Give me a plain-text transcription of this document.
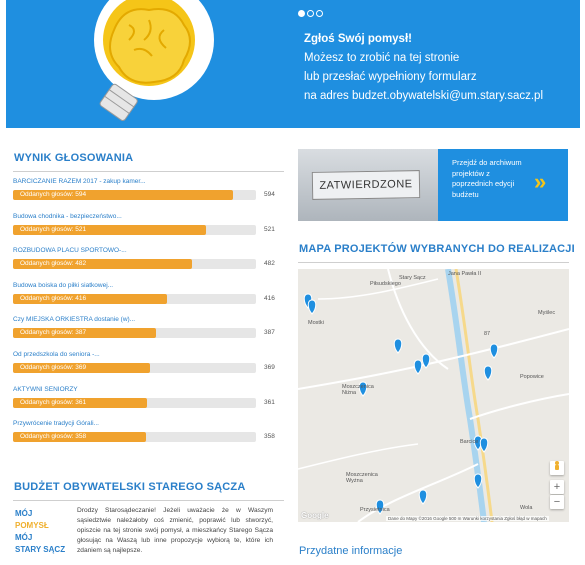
Zgłoś Swój pomysł!
Możesz to zrobić na tej stronie
lub przesłać wypełniony formularz
na adres budzet.obywatelski@um.stary.sacz.pl
WYNIK GŁOSOWANIA
BARCICZANIE RAZEM 2017 - zakup kamer...
Oddanych głosów: 594	594
Budowa chodnika - bezpieczeństwo...
Oddanych głosów: 521	521
ROZBUDOWA PLACU SPORTOWO-...
Oddanych głosów: 482	482
Budowa boiska do piłki siatkowej...
Oddanych głosów: 416	416
Czy MIEJSKA ORKIESTRA dostanie (w)...
Oddanych głosów: 387	387
Od przedszkola do seniora -...
Oddanych głosów: 369	369
AKTYWNI SENIORZY
Oddanych głosów: 361	361
Przywrócenie tradycji Górali...
Oddanych głosów: 358	358
BUDŻET OBYWATELSKI STAREGO SĄCZA
MÓJ
POMYSŁ
MÓJ
STARY SĄCZ
Drodzy Starosądeczanie! Jeżeli uważacie że w Waszym sąsiedztwie należałoby coś zmienić, poprawić lub stworzyć, opiszcie na tej stronie swój pomysł, a mieszkańcy Starego Sącza głosując na Waszą lub inne propozycje wybiorą te, które ich zdaniem są najlepsze.
ZATWIERDZONE
Przejdź do archiwum projektów z poprzednich edycji budżetu	»
MAPA PROJEKTÓW WYBRANYCH DO REALIZACJI
Stary Sącz
Mostki
Myślec
Popowice
Moszczenica Niżna
Barcice
Moszczenica Wyżna
Przysietnica	Wola
Piłsudskiego
Jana Pawła II
87
+
−
Google	Dane do Mapy ©2016 Google 500 m Warunki korzystania Zgłoś błąd w mapach
Przydatne informacje
